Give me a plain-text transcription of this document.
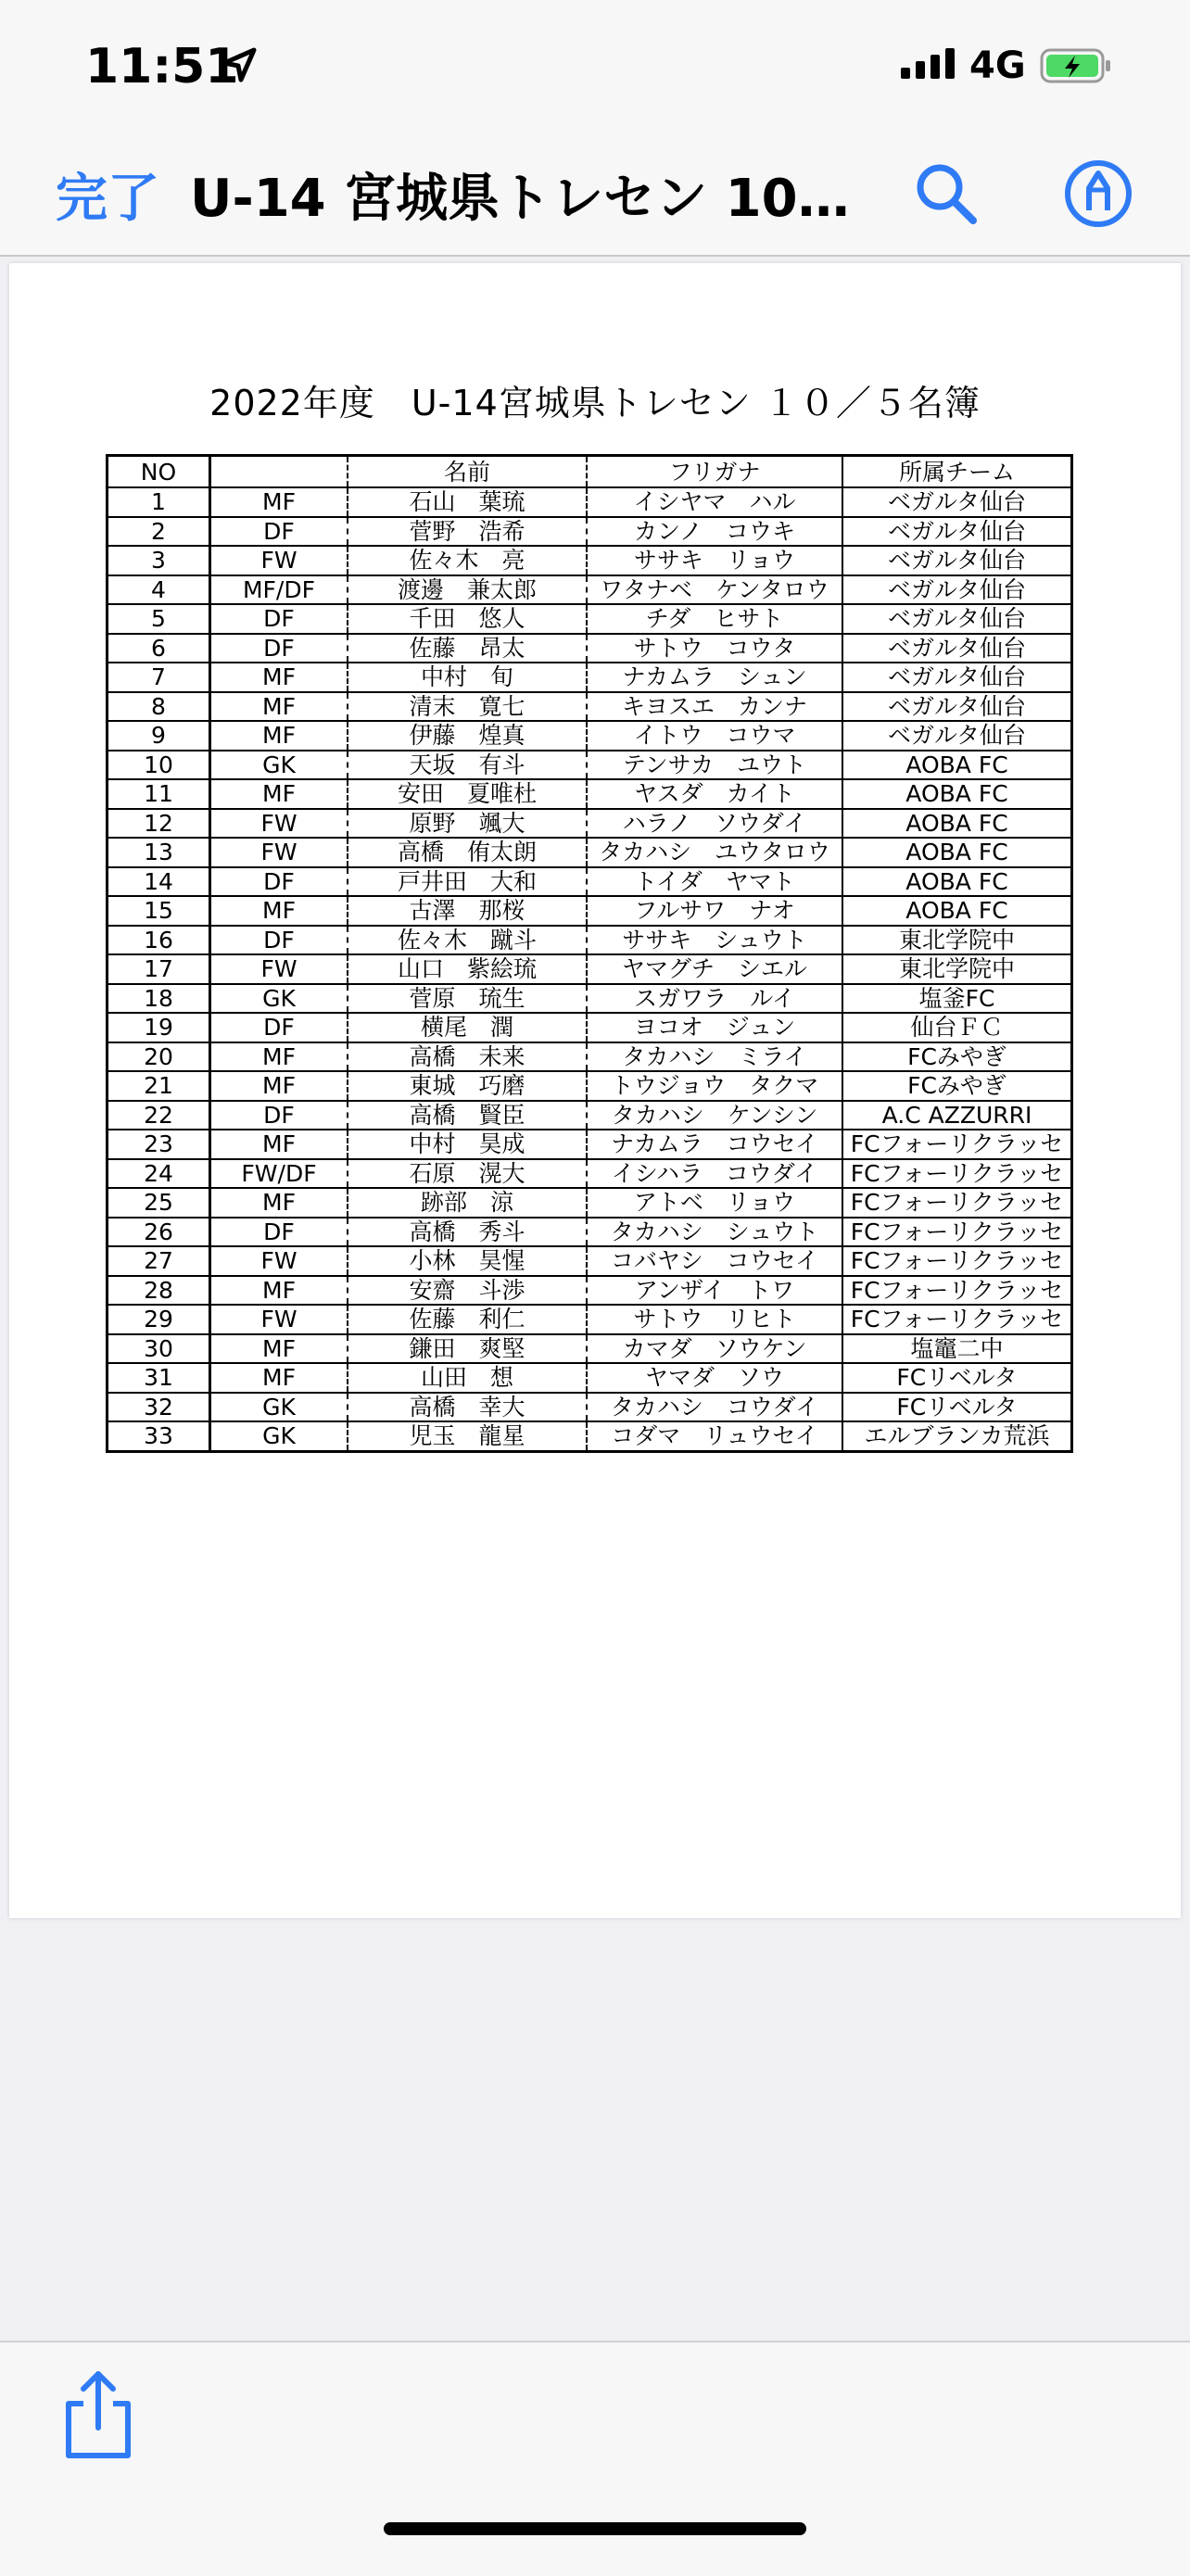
11:51	4G
完了 U-14 宮城県トレセン 10…
2022年度　U-14宮城県トレセン １０／５名簿
NO		名前	フリガナ	所属チーム
1	MF	石山　葉琉	イシヤマ　ハル	ベガルタ仙台
2	DF	菅野　浩希	カンノ　コウキ	ベガルタ仙台
3	FW	佐々木　亮	ササキ　リョウ	ベガルタ仙台
4	MF/DF	渡邊　兼太郎	ワタナベ　ケンタロウ	ベガルタ仙台
5	DF	千田　悠人	チダ　ヒサト	ベガルタ仙台
6	DF	佐藤　昂太	サトウ　コウタ	ベガルタ仙台
7	MF	中村　旬	ナカムラ　シュン	ベガルタ仙台
8	MF	清末　寛七	キヨスエ　カンナ	ベガルタ仙台
9	MF	伊藤　煌真	イトウ　コウマ	ベガルタ仙台
10	GK	天坂　有斗	テンサカ　ユウト	AOBA FC
11	MF	安田　夏唯杜	ヤスダ　カイト	AOBA FC
12	FW	原野　颯大	ハラノ　ソウダイ	AOBA FC
13	FW	高橋　侑太朗	タカハシ　ユウタロウ	AOBA FC
14	DF	戸井田　大和	トイダ　ヤマト	AOBA FC
15	MF	古澤　那桜	フルサワ　ナオ	AOBA FC
16	DF	佐々木　蹴斗	ササキ　シュウト	東北学院中
17	FW	山口　紫絵琉	ヤマグチ　シエル	東北学院中
18	GK	菅原　琉生	スガワラ　ルイ	塩釜FC
19	DF	横尾　潤	ヨコオ　ジュン	仙台ＦＣ
20	MF	高橋　未来	タカハシ　ミライ	FCみやぎ
21	MF	東城　巧磨	トウジョウ　タクマ	FCみやぎ
22	DF	高橋　賢臣	タカハシ　ケンシン	A.C AZZURRI
23	MF	中村　昊成	ナカムラ　コウセイ	FCフォーリクラッセ
24	FW/DF	石原　滉大	イシハラ　コウダイ	FCフォーリクラッセ
25	MF	跡部　涼	アトベ　リョウ	FCフォーリクラッセ
26	DF	高橋　秀斗	タカハシ　シュウト	FCフォーリクラッセ
27	FW	小林　昊惺	コバヤシ　コウセイ	FCフォーリクラッセ
28	MF	安齋　斗渉	アンザイ　トワ	FCフォーリクラッセ
29	FW	佐藤　利仁	サトウ　リヒト	FCフォーリクラッセ
30	MF	鎌田　爽堅	カマダ　ソウケン	塩竈二中
31	MF	山田　想	ヤマダ　ソウ	FCリベルタ
32	GK	高橋　幸大	タカハシ　コウダイ	FCリベルタ
33	GK	児玉　龍星	コダマ　リュウセイ	エルブランカ荒浜
